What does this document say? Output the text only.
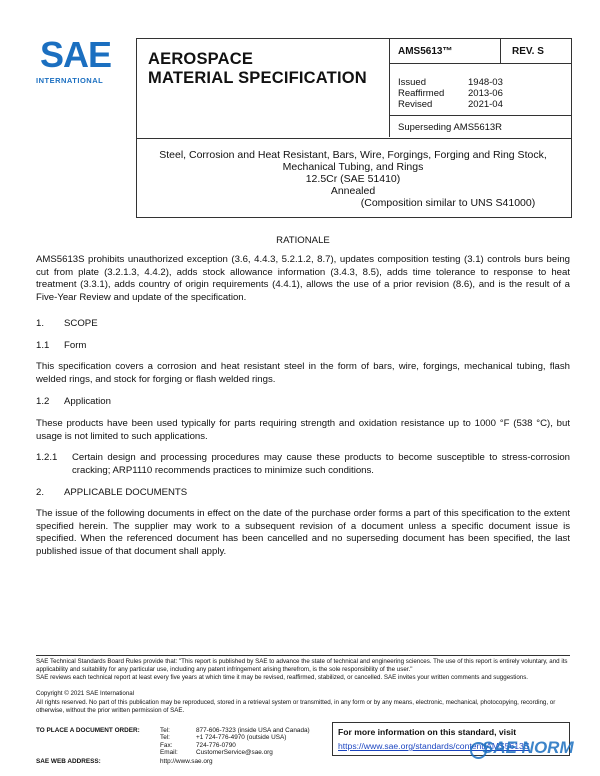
SAE
INTERNATIONAL
AEROSPACE
MATERIAL SPECIFICATION
AMS5613™	REV. S
Issued	1948-03
Reaffirmed 2013-06
Revised	2021-04
Superseding AMS5613R
Steel, Corrosion and Heat Resistant, Bars, Wire, Forgings, Forging and Ring Stock,
Mechanical Tubing, and Rings
12.5Cr (SAE 51410)
Annealed
(Composition similar to UNS S41000)
RATIONALE
AMS5613S prohibits unauthorized exception (3.6, 4.4.3, 5.2.1.2, 8.7), updates composition testing (3.1) controls burs being cut from plate (3.2.1.3, 4.4.2), adds stock allowance information (3.4.3, 8.5), adds time tolerance to response to heat treatment (3.3.1), adds country of origin requirements (4.4.1), allows the use of a prior revision (8.6), and is the result of a Five-Year Review and update of the specification.
1. SCOPE
1.1 Form
This specification covers a corrosion and heat resistant steel in the form of bars, wire, forgings, mechanical tubing, flash welded rings, and stock for forging or flash welded rings.
1.2 Application
These products have been used typically for parts requiring strength and oxidation resistance up to 1000 °F (538 °C), but usage is not limited to such applications.
1.2.1 Certain design and processing procedures may cause these products to become susceptible to stress-corrosion cracking; ARP1110 recommends practices to minimize such conditions.
2. APPLICABLE DOCUMENTS
The issue of the following documents in effect on the date of the purchase order forms a part of this specification to the extent specified herein. The supplier may work to a subsequent revision of a document unless a specific document issue is specified. When the referenced document has been cancelled and no superseding document has been specified, the last published issue of that document shall apply.
SAE Technical Standards Board Rules provide that: "This report is published by SAE to advance the state of technical and engineering sciences. The use of this report is entirely voluntary, and its applicability and suitability for any particular use, including any patent infringement arising therefrom, is the sole responsibility of the user."
SAE reviews each technical report at least every five years at which time it may be revised, reaffirmed, stabilized, or cancelled. SAE invites your written comments and suggestions.
Copyright © 2021 SAE International
All rights reserved. No part of this publication may be reproduced, stored in a retrieval system or transmitted, in any form or by any means, electronic, mechanical, photocopying, recording, or otherwise, without the prior written permission of SAE.
TO PLACE A DOCUMENT ORDER:	Tel:	877-606-7323 (inside USA and Canada)
Tel:	+1 724-776-4970 (outside USA)
Fax:	724-776-0790
Email:	CustomerService@sae.org
SAE WEB ADDRESS:	http://www.sae.org
For more information on this standard, visit
https://www.sae.org/standards/content/AMS5613S
SAE NORM
